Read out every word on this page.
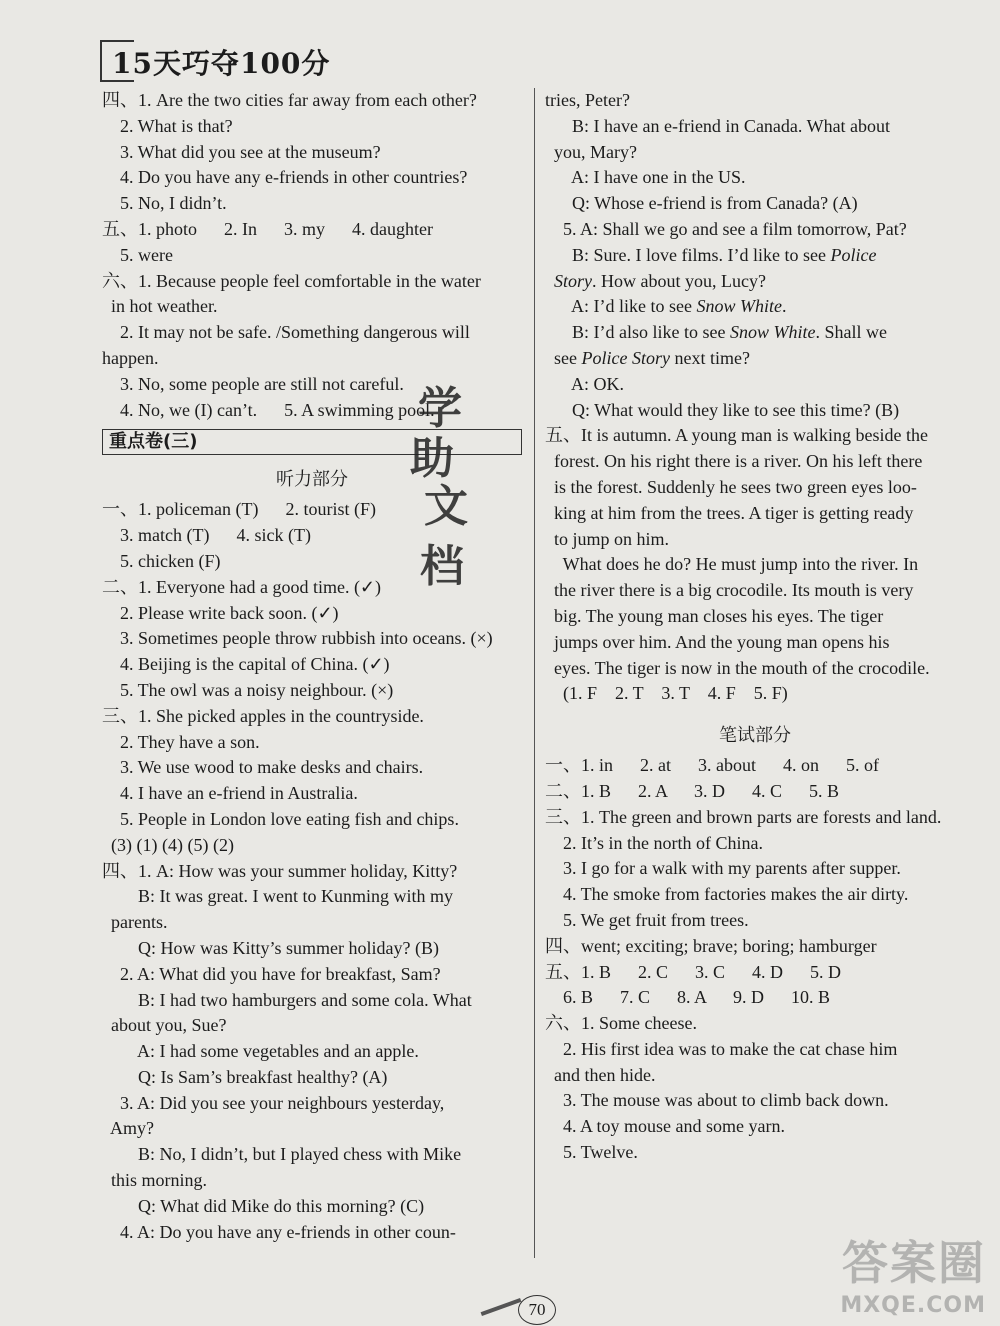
15天巧夺100分
四、1. Are the two cities far away from each other?
2. What is that?
3. What did you see at the museum?
4. Do you have any e-friends in other countries?
5. No, I didn’t.
五、1. photo      2. In      3. my      4. daughter
5. were
六、1. Because people feel comfortable in the water
in hot weather.
2. It may not be safe. /Something dangerous will
happen.
3. No, some people are still not careful.
4. No, we (I) can’t.      5. A swimming pool.
重点卷(三)
听力部分
一、1. policeman (T)      2. tourist (F)
3. match (T)      4. sick (T)
5. chicken (F)
二、1. Everyone had a good time. (✓)
2. Please write back soon. (✓)
3. Sometimes people throw rubbish into oceans. (×)
4. Beijing is the capital of China. (✓)
5. The owl was a noisy neighbour. (×)
三、1. She picked apples in the countryside.
2. They have a son.
3. We use wood to make desks and chairs.
4. I have an e-friend in Australia.
5. People in London love eating fish and chips.
(3) (1) (4) (5) (2)
四、1. A: How was your summer holiday, Kitty?
B: It was great. I went to Kunming with my
parents.
Q: How was Kitty’s summer holiday? (B)
2. A: What did you have for breakfast, Sam?
B: I had two hamburgers and some cola. What
about you, Sue?
A: I had some vegetables and an apple.
Q: Is Sam’s breakfast healthy? (A)
3. A: Did you see your neighbours yesterday,
Amy?
B: No, I didn’t, but I played chess with Mike
this morning.
Q: What did Mike do this morning? (C)
4. A: Do you have any e-friends in other coun-
tries, Peter?
B: I have an e-friend in Canada. What about
you, Mary?
A: I have one in the US.
Q: Whose e-friend is from Canada? (A)
5. A: Shall we go and see a film tomorrow, Pat?
B: Sure. I love films. I’d like to see Police
Story. How about you, Lucy?
A: I’d like to see Snow White.
B: I’d also like to see Snow White. Shall we
see Police Story next time?
A: OK.
Q: What would they like to see this time? (B)
五、It is autumn. A young man is walking beside the
forest. On his right there is a river. On his left there
is the forest. Suddenly he sees two green eyes loo-
king at him from the trees. A tiger is getting ready
to jump on him.
What does he do? He must jump into the river. In
the river there is a big crocodile. Its mouth is very
big. The young man closes his eyes. The tiger
jumps over him. And the young man opens his
eyes. The tiger is now in the mouth of the crocodile.
(1. F    2. T    3. T    4. F    5. F)
笔试部分
一、1. in      2. at      3. about      4. on      5. of
二、1. B      2. A      3. D      4. C      5. B
三、1. The green and brown parts are forests and land.
2. It’s in the north of China.
3. I go for a walk with my parents after supper.
4. The smoke from factories makes the air dirty.
5. We get fruit from trees.
四、went; exciting; brave; boring; hamburger
五、1. B      2. C      3. C      4. D      5. D
6. B      7. C      8. A      9. D      10. B
六、1. Some cheese.
2. His first idea was to make the cat chase him
and then hide.
3. The mouse was about to climb back down.
4. A toy mouse and some yarn.
5. Twelve.
学
助
文
档
70
答案圈
MXQE.COM
